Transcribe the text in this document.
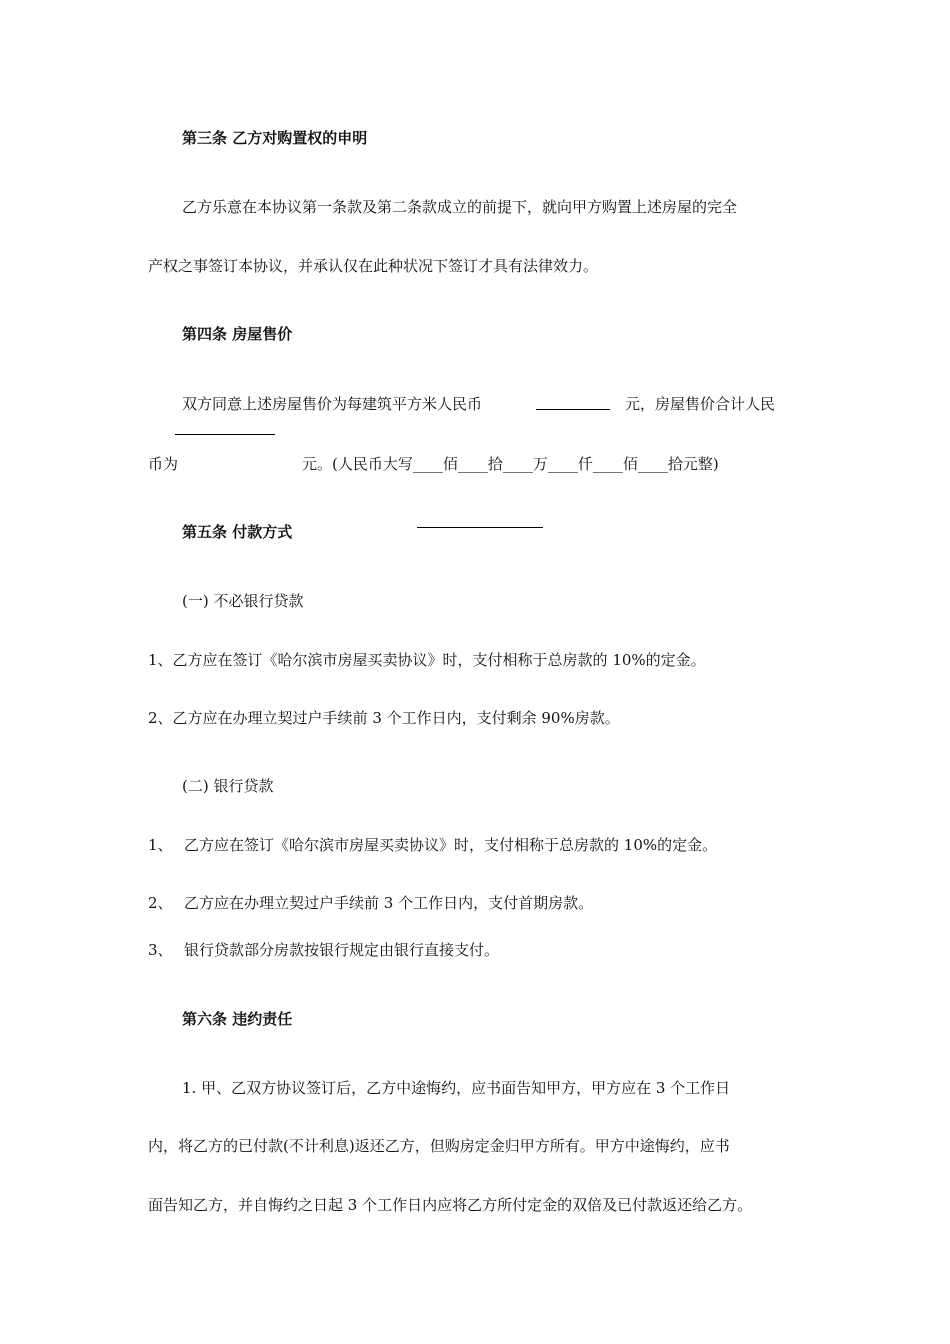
第三条 乙方对购置权的申明
乙方乐意在本协议第一条款及第二条款成立的前提下，就向甲方购置上述房屋的完全
产权之事签订本协议，并承认仅在此种状况下签订才具有法律效力。
第四条 房屋售价
双方同意上述房屋售价为每建筑平方米人民币	元，房屋售价合计人民
币为	元。(人民币大写____佰____拾____万____仟____佰____拾元整)
第五条 付款方式
(一) 不必银行贷款
1、乙方应在签订《哈尔滨市房屋买卖协议》时，支付相称于总房款的 10%的定金。
2、乙方应在办理立契过户手续前 3 个工作日内，支付剩余 90%房款。
(二) 银行贷款
1、 乙方应在签订《哈尔滨市房屋买卖协议》时，支付相称于总房款的 10%的定金。
2、 乙方应在办理立契过户手续前 3 个工作日内，支付首期房款。
3、 银行贷款部分房款按银行规定由银行直接支付。
第六条 违约责任
1. 甲、乙双方协议签订后，乙方中途悔约，应书面告知甲方，甲方应在 3 个工作日
内，将乙方的已付款(不计利息)返还乙方，但购房定金归甲方所有。甲方中途悔约，应书
面告知乙方，并自悔约之日起 3 个工作日内应将乙方所付定金的双倍及已付款返还给乙方。
